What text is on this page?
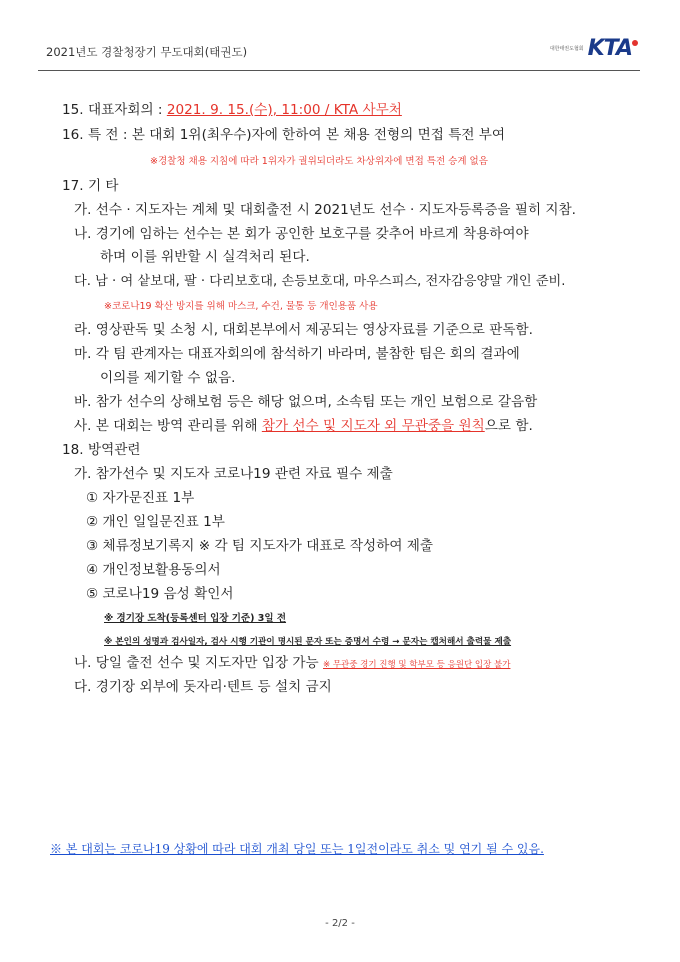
2021년도 경찰청장기 무도대회(태권도)	대한태권도협회 KTA
15. 대표자회의 : 2021. 9. 15.(수), 11:00 / KTA 사무처
16. 특 전 : 본 대회 1위(최우수)자에 한하여 본 채용 전형의 면접 특전 부여
※경찰청 채용 지침에 따라 1위자가 궐위되더라도 차상위자에 면접 특전 승계 없음
17. 기 타
가. 선수 · 지도자는 계체 및 대회출전 시 2021년도 선수 · 지도자등록증을 필히 지참.
나. 경기에 임하는 선수는 본 회가 공인한 보호구를 갖추어 바르게 착용하여야
하며 이를 위반할 시 실격처리 된다.
다. 남 · 여 샅보대, 팔 · 다리보호대, 손등보호대, 마우스피스, 전자감응양말 개인 준비.
※코로나19 확산 방지를 위해 마스크, 수건, 물통 등 개인용품 사용
라. 영상판독 및 소청 시, 대회본부에서 제공되는 영상자료를 기준으로 판독함.
마. 각 팀 관계자는 대표자회의에 참석하기 바라며, 불참한 팀은 회의 결과에
이의를 제기할 수 없음.
바. 참가 선수의 상해보험 등은 해당 없으며, 소속팀 또는 개인 보험으로 갈음함
사. 본 대회는 방역 관리를 위해 참가 선수 및 지도자 외 무관중을 원칙으로 함.
18. 방역관련
가. 참가선수 및 지도자 코로나19 관련 자료 필수 제출
① 자가문진표 1부
② 개인 일일문진표 1부
③ 체류정보기록지 ※ 각 팀 지도자가 대표로 작성하여 제출
④ 개인정보활용동의서
⑤ 코로나19 음성 확인서
※ 경기장 도착(등록센터 입장 기준) 3일 전
※ 본인의 성명과 검사일자, 검사 시행 기관이 명시된 문자 또는 증명서 수령 → 문자는 캡처해서 출력물 제출
나. 당일 출전 선수 및 지도자만 입장 가능 ※ 무관중 경기 진행 및 학부모 등 응원단 입장 불가
다. 경기장 외부에 돗자리·텐트 등 설치 금지
※ 본 대회는 코로나19 상황에 따라 대회 개최 당일 또는 1일전이라도 취소 및 연기 될 수 있음.
- 2/2 -
